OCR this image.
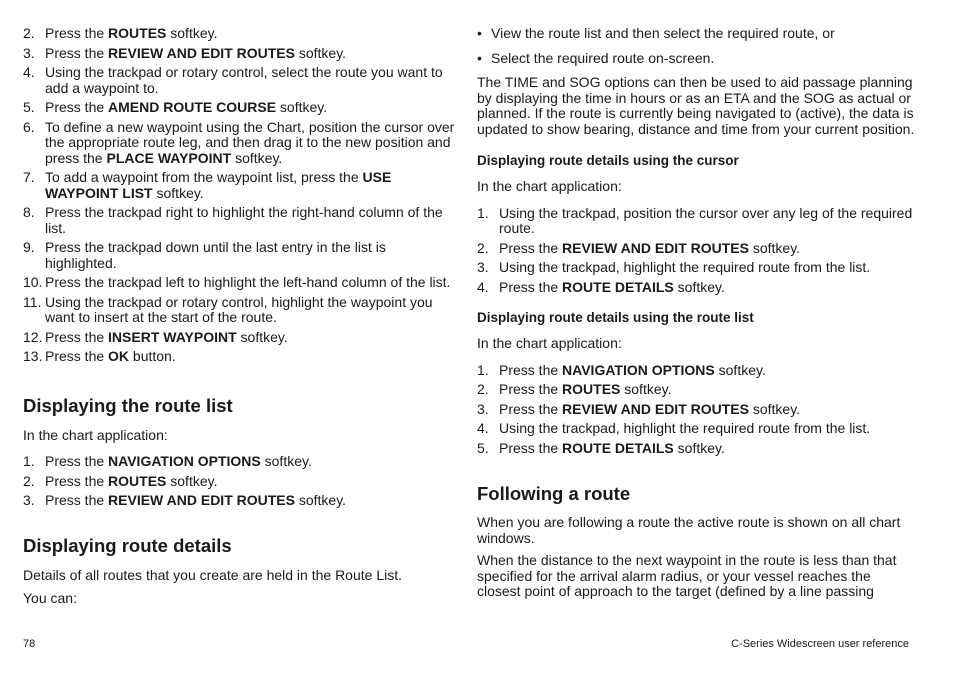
2. Press the ROUTES softkey.
3. Press the REVIEW AND EDIT ROUTES softkey.
4. Using the trackpad or rotary control, select the route you want to add a waypoint to.
5. Press the AMEND ROUTE COURSE softkey.
6. To define a new waypoint using the Chart, position the cursor over the appropriate route leg, and then drag it to the new position and press the PLACE WAYPOINT softkey.
7. To add a waypoint from the waypoint list, press the USE WAYPOINT LIST softkey.
8. Press the trackpad right to highlight the right-hand column of the list.
9. Press the trackpad down until the last entry in the list is highlighted.
10. Press the trackpad left to highlight the left-hand column of the list.
11. Using the trackpad or rotary control, highlight the waypoint you want to insert at the start of the route.
12. Press the INSERT WAYPOINT softkey.
13. Press the OK button.
Displaying the route list

In the chart application:

1. Press the NAVIGATION OPTIONS softkey.
2. Press the ROUTES softkey.
3. Press the REVIEW AND EDIT ROUTES softkey.
Displaying route details

Details of all routes that you create are held in the Route List.

You can:

• View the route list and then select the required route, or
• Select the required route on-screen.

The TIME and SOG options can then be used to aid passage planning by displaying the time in hours or as an ETA and the SOG as actual or planned. If the route is currently being navigated to (active), the data is updated to show bearing, distance and time from your current position.

Displaying route details using the cursor

In the chart application:

1. Using the trackpad, position the cursor over any leg of the required route.
2. Press the REVIEW AND EDIT ROUTES softkey.
3. Using the trackpad, highlight the required route from the list.
4. Press the ROUTE DETAILS softkey.
Displaying route details using the route list

In the chart application:

1. Press the NAVIGATION OPTIONS softkey.
2. Press the ROUTES softkey.
3. Press the REVIEW AND EDIT ROUTES softkey.
4. Using the trackpad, highlight the required route from the list.
5. Press the ROUTE DETAILS softkey.
Following a route

When you are following a route the active route is shown on all chart windows.

When the distance to the next waypoint in the route is less than that specified for the arrival alarm radius, or your vessel reaches the closest point of approach to the target (defined by a line passing

78	C-Series Widescreen user reference
